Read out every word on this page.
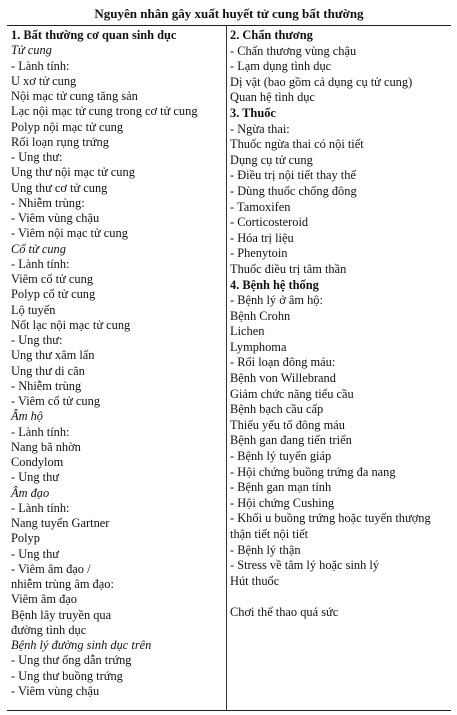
Nguyên nhân gây xuất huyết tử cung bất thường
1. Bất thường cơ quan sinh dục
Tử cung
- Lành tính:
U xơ tử cung
Nội mạc tử cung tăng sản
Lạc nội mạc tử cung trong cơ tử cung
Polyp nội mạc tử cung
Rối loạn rụng trứng
- Ung thư:
Ung thư nội mạc tử cung
Ung thư cơ tử cung
- Nhiễm trùng:
- Viêm vùng chậu
- Viêm nội mạc tử cung
Cổ tử cung
- Lành tính:
Viêm cổ tử cung
Polyp cổ tử cung
Lộ tuyến
Nốt lạc nội mạc tử cung
- Ung thư:
Ung thư xâm lấn
Ung thư di căn
- Nhiễm trùng
- Viêm cổ tử cung
Âm hộ
- Lành tính:
Nang bã nhờn
Condylom
- Ung thư
Âm đạo
- Lành tính:
Nang tuyến Gartner
Polyp
- Ung thư
- Viêm âm đạo /
nhiễm trùng âm đạo:
Viêm âm đạo
Bệnh lây truyền qua
đường tình dục
Bệnh lý đường sinh dục trên
- Ung thư ống dẫn trứng
- Ung thư buồng trứng
- Viêm vùng chậu
2. Chấn thương
- Chấn thương vùng chậu
- Lạm dụng tình dục
Dị vật (bao gồm cả dụng cụ tử cung)
Quan hệ tình dục
3. Thuốc
- Ngừa thai:
Thuốc ngừa thai có nội tiết
Dụng cụ tử cung
- Điều trị nội tiết thay thế
- Dùng thuốc chống đông
- Tamoxifen
- Corticosteroid
- Hóa trị liệu
- Phenytoin
Thuốc điều trị tâm thần
4. Bệnh hệ thống
- Bệnh lý ở âm hộ:
Bệnh Crohn
Lichen
Lymphoma
- Rối loạn đông máu:
Bệnh von Willebrand
Giảm chức năng tiểu cầu
Bệnh bạch cầu cấp
Thiếu yếu tố đông máu
Bệnh gan đang tiến triển
- Bệnh lý tuyến giáp
- Hội chứng buồng trứng đa nang
- Bệnh gan mạn tính
- Hội chứng Cushing
- Khối u buồng trứng hoặc tuyến thượng
thận tiết nội tiết
- Bệnh lý thận
- Stress về tâm lý hoặc sinh lý
Hút thuốc
Chơi thể thao quá sức
